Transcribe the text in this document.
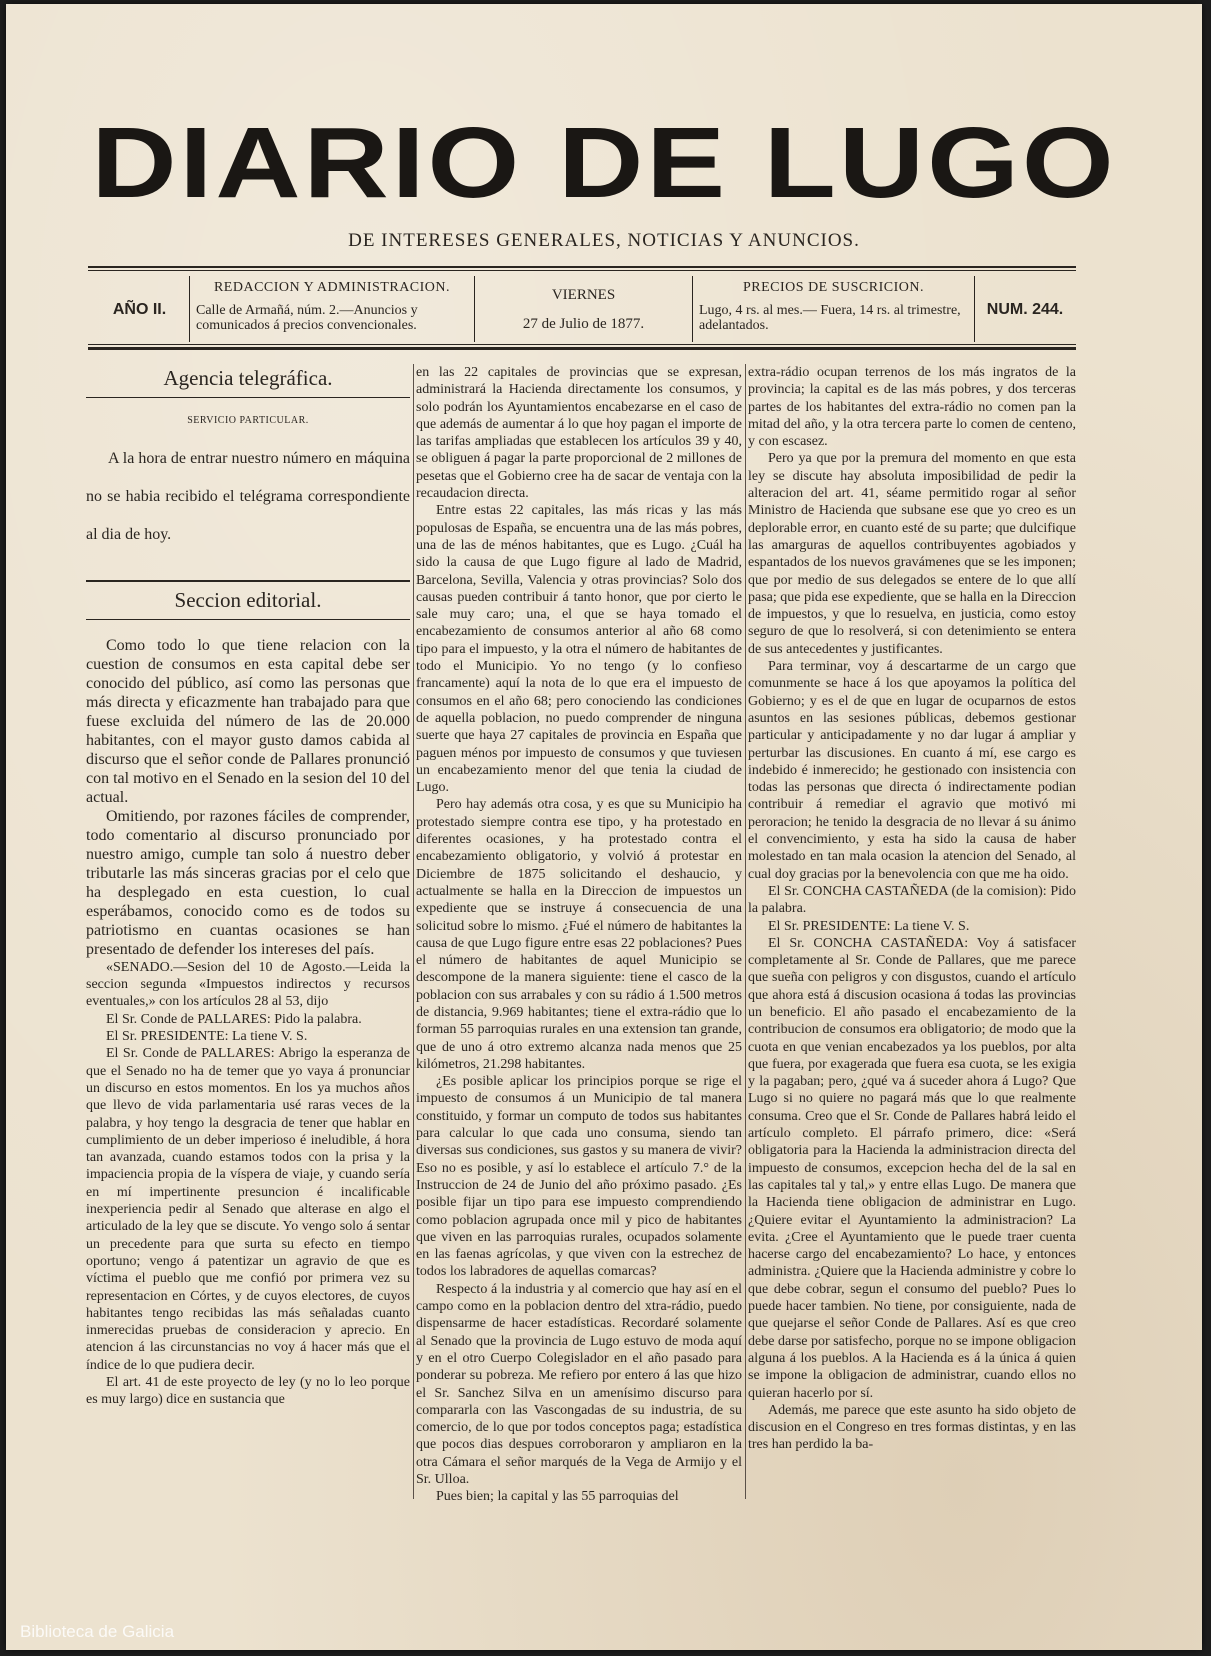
DIARIO DE LUGO
DE INTERESES GENERALES, NOTICIAS Y ANUNCIOS.
AÑO II.
REDACCION Y ADMINISTRACION.
Calle de Armañá, núm. 2.—Anuncios y comunicados á precios convencionales.
VIERNES
27 de Julio de 1877.
PRECIOS DE SUSCRICION.
Lugo, 4 rs. al mes.— Fuera, 14 rs. al trimestre, adelantados.
NUM. 244.
Agencia telegráfica.
SERVICIO PARTICULAR.

A la hora de entrar nuestro número en máquina no se habia recibido el telégrama correspondiente al dia de hoy.

Seccion editorial.

Como todo lo que tiene relacion con la cuestion de consumos en esta capital debe ser conocido del público, así como las personas que más directa y eficazmente han trabajado para que fuese excluida del número de las de 20.000 habitantes, con el mayor gusto damos cabida al discurso que el señor conde de Pallares pronunció con tal motivo en el Senado en la sesion del 10 del actual.

Omitiendo, por razones fáciles de comprender, todo comentario al discurso pronunciado por nuestro amigo, cumple tan solo á nuestro deber tributarle las más sinceras gracias por el celo que ha desplegado en esta cuestion, lo cual esperábamos, conocido como es de todos su patriotismo en cuantas ocasiones se han presentado de defender los intereses del país.

«SENADO.—Sesion del 10 de Agosto.—Leida la seccion segunda «Impuestos indirectos y recursos eventuales,» con los artículos 28 al 53, dijo

El Sr. Conde de PALLARES: Pido la palabra.

El Sr. PRESIDENTE: La tiene V. S.

El Sr. Conde de PALLARES: Abrigo la esperanza de que el Senado no ha de temer que yo vaya á pronunciar un discurso en estos momentos. En los ya muchos años que llevo de vida parlamentaria usé raras veces de la palabra, y hoy tengo la desgracia de tener que hablar en cumplimiento de un deber imperioso é ineludible, á hora tan avanzada, cuando estamos todos con la prisa y la impaciencia propia de la víspera de viaje, y cuando sería en mí impertinente presuncion é incalificable inexperiencia pedir al Senado que alterase en algo el articulado de la ley que se discute. Yo vengo solo á sentar un precedente para que surta su efecto en tiempo oportuno; vengo á patentizar un agravio de que es víctima el pueblo que me confió por primera vez su representacion en Córtes, y de cuyos electores, de cuyos habitantes tengo recibidas las más señaladas cuanto inmerecidas pruebas de consideracion y aprecio. En atencion á las circunstancias no voy á hacer más que el índice de lo que pudiera decir.

El art. 41 de este proyecto de ley (y no lo leo porque es muy largo) dice en sustancia que

en las 22 capitales de provincias que se expresan, administrará la Hacienda directamente los consumos, y solo podrán los Ayuntamientos encabezarse en el caso de que además de aumentar á lo que hoy pagan el importe de las tarifas ampliadas que establecen los artículos 39 y 40, se obliguen á pagar la parte proporcional de 2 millones de pesetas que el Gobierno cree ha de sacar de ventaja con la recaudacion directa.

Entre estas 22 capitales, las más ricas y las más populosas de España, se encuentra una de las más pobres, una de las de ménos habitantes, que es Lugo. ¿Cuál ha sido la causa de que Lugo figure al lado de Madrid, Barcelona, Sevilla, Valencia y otras provincias? Solo dos causas pueden contribuir á tanto honor, que por cierto le sale muy caro; una, el que se haya tomado el encabezamiento de consumos anterior al año 68 como tipo para el impuesto, y la otra el número de habitantes de todo el Municipio. Yo no tengo (y lo confieso francamente) aquí la nota de lo que era el impuesto de consumos en el año 68; pero conociendo las condiciones de aquella poblacion, no puedo comprender de ninguna suerte que haya 27 capitales de provincia en España que paguen ménos por impuesto de consumos y que tuviesen un encabezamiento menor del que tenia la ciudad de Lugo.

Pero hay además otra cosa, y es que su Municipio ha protestado siempre contra ese tipo, y ha protestado en diferentes ocasiones, y ha protestado contra el encabezamiento obligatorio, y volvió á protestar en Diciembre de 1875 solicitando el deshaucio, y actualmente se halla en la Direccion de impuestos un expediente que se instruye á consecuencia de una solicitud sobre lo mismo. ¿Fué el número de habitantes la causa de que Lugo figure entre esas 22 poblaciones? Pues el número de habitantes de aquel Municipio se descompone de la manera siguiente: tiene el casco de la poblacion con sus arrabales y con su rádio á 1.500 metros de distancia, 9.969 habitantes; tiene el extra-rádio que lo forman 55 parroquias rurales en una extension tan grande, que de uno á otro extremo alcanza nada menos que 25 kilómetros, 21.298 habitantes.

¿Es posible aplicar los principios porque se rige el impuesto de consumos á un Municipio de tal manera constituido, y formar un computo de todos sus habitantes para calcular lo que cada uno consuma, siendo tan diversas sus condiciones, sus gastos y su manera de vivir? Eso no es posible, y así lo establece el artículo 7.° de la Instruccion de 24 de Junio del año próximo pasado. ¿Es posible fijar un tipo para ese impuesto comprendiendo como poblacion agrupada once mil y pico de habitantes que viven en las parroquias rurales, ocupados solamente en las faenas agrícolas, y que viven con la estrechez de todos los labradores de aquellas comarcas?

Respecto á la industria y al comercio que hay así en el campo como en la poblacion dentro del xtra-rádio, puedo dispensarme de hacer estadísticas. Recordaré solamente al Senado que la provincia de Lugo estuvo de moda aquí y en el otro Cuerpo Colegislador en el año pasado para ponderar su pobreza. Me refiero por entero á las que hizo el Sr. Sanchez Silva en un amenísimo discurso para compararla con las Vascongadas de su industria, de su comercio, de lo que por todos conceptos paga; estadística que pocos dias despues corroboraron y ampliaron en la otra Cámara el señor marqués de la Vega de Armijo y el Sr. Ulloa.

Pues bien; la capital y las 55 parroquias del

extra-rádio ocupan terrenos de los más ingratos de la provincia; la capital es de las más pobres, y dos terceras partes de los habitantes del extra-rádio no comen pan la mitad del año, y la otra tercera parte lo comen de centeno, y con escasez.

Pero ya que por la premura del momento en que esta ley se discute hay absoluta imposibilidad de pedir la alteracion del art. 41, séame permitido rogar al señor Ministro de Hacienda que subsane ese que yo creo es un deplorable error, en cuanto esté de su parte; que dulcifique las amarguras de aquellos contribuyentes agobiados y espantados de los nuevos gravámenes que se les imponen; que por medio de sus delegados se entere de lo que allí pasa; que pida ese expediente, que se halla en la Direccion de impuestos, y que lo resuelva, en justicia, como estoy seguro de que lo resolverá, si con detenimiento se entera de sus antecedentes y justificantes.

Para terminar, voy á descartarme de un cargo que comunmente se hace á los que apoyamos la política del Gobierno; y es el de que en lugar de ocuparnos de estos asuntos en las sesiones públicas, debemos gestionar particular y anticipadamente y no dar lugar á ampliar y perturbar las discusiones. En cuanto á mí, ese cargo es indebido é inmerecido; he gestionado con insistencia con todas las personas que directa ó indirectamente podian contribuir á remediar el agravio que motivó mi peroracion; he tenido la desgracia de no llevar á su ánimo el convencimiento, y esta ha sido la causa de haber molestado en tan mala ocasion la atencion del Senado, al cual doy gracias por la benevolencia con que me ha oido.

El Sr. CONCHA CASTAÑEDA (de la comision): Pido la palabra.

El Sr. PRESIDENTE: La tiene V. S.

El Sr. CONCHA CASTAÑEDA: Voy á satisfacer completamente al Sr. Conde de Pallares, que me parece que sueña con peligros y con disgustos, cuando el artículo que ahora está á discusion ocasiona á todas las provincias un beneficio. El año pasado el encabezamiento de la contribucion de consumos era obligatorio; de modo que la cuota en que venian encabezados ya los pueblos, por alta que fuera, por exagerada que fuera esa cuota, se les exigia y la pagaban; pero, ¿qué va á suceder ahora á Lugo? Que Lugo si no quiere no pagará más que lo que realmente consuma. Creo que el Sr. Conde de Pallares habrá leido el artículo completo. El párrafo primero, dice: «Será obligatoria para la Hacienda la administracion directa del impuesto de consumos, excepcion hecha del de la sal en las capitales tal y tal,» y entre ellas Lugo. De manera que la Hacienda tiene obligacion de administrar en Lugo. ¿Quiere evitar el Ayuntamiento la administracion? La evita. ¿Cree el Ayuntamiento que le puede traer cuenta hacerse cargo del encabezamiento? Lo hace, y entonces administra. ¿Quiere que la Hacienda administre y cobre lo que debe cobrar, segun el consumo del pueblo? Pues lo puede hacer tambien. No tiene, por consiguiente, nada de que quejarse el señor Conde de Pallares. Así es que creo debe darse por satisfecho, porque no se impone obligacion alguna á los pueblos. A la Hacienda es á la única á quien se impone la obligacion de administrar, cuando ellos no quieran hacerlo por sí.

Además, me parece que este asunto ha sido objeto de discusion en el Congreso en tres formas distintas, y en las tres han perdido la ba-

Biblioteca de Galicia
